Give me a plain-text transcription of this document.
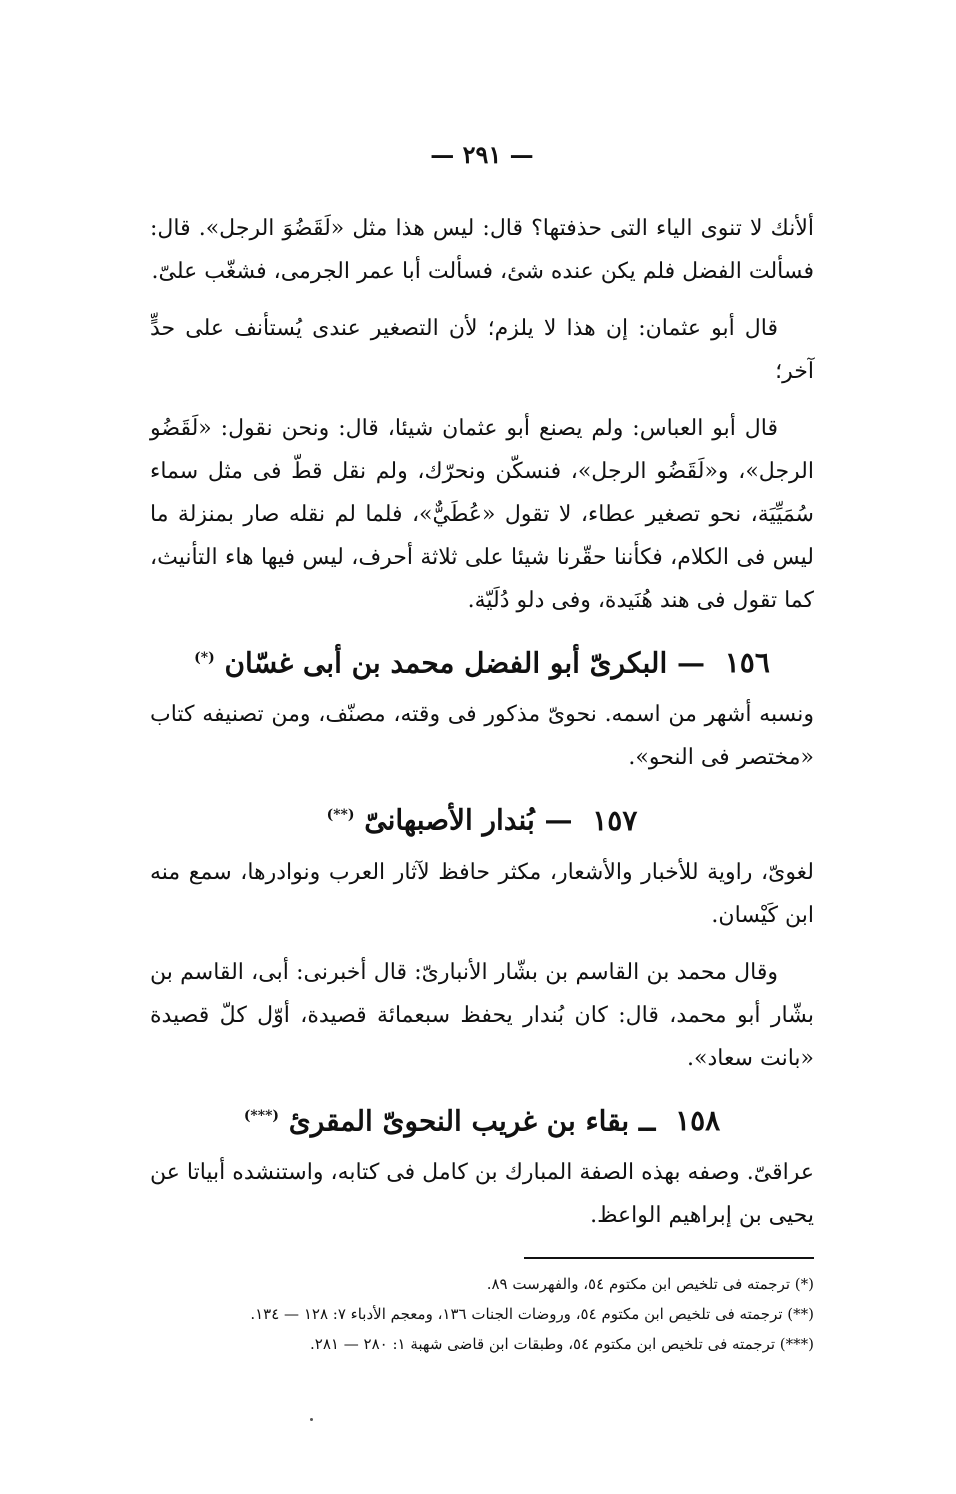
— ٢٩١ —

ألأنك لا تنوى الياء التى حذفتها؟ قال: ليس هذا مثل «لَقَضُوَ الرجل». قال: فسألت الفضل فلم يكن عنده شئ، فسألت أبا عمر الجرمى، فشغّب علىّ.

قال أبو عثمان: إن هذا لا يلزم؛ لأن التصغير عندى يُستأنف على حدٍّ آخر؛

قال أبو العباس: ولم يصنع أبو عثمان شيئا، قال: ونحن نقول: «لَقَضُو الرجل»، و«لَقَضُو الرجل»، فنسكّن ونحرّك، ولم نقل قطّ فى مثل سماء سُمَيِّيَة، نحو تصغير عطاء، لا تقول «عُطَيٌّ»، فلما لم نقله صار بمنزلة ما ليس فى الكلام، فكأننا حقّرنا شيئا على ثلاثة أحرف، ليس فيها هاء التأنيث، كما تقول فى هند هُنَيدة، وفى دلو دُلَيّة.

١٥٦ — البكرىّ أبو الفضل محمد بن أبى غسّان (*)

ونسبه أشهر من اسمه. نحوىّ مذكور فى وقته، مصنّف، ومن تصنيفه كتاب «مختصر فى النحو».

١٥٧ — بُندار الأصبهانىّ (**)

لغوىّ، راوية للأخبار والأشعار، مكثر حافظ لآثار العرب ونوادرها، سمع منه ابن كَيْسان.

وقال محمد بن القاسم بن بشّار الأنبارىّ: قال أخبرنى: أبى، القاسم بن بشّار أبو محمد، قال: كان بُندار يحفظ سبعمائة قصيدة، أوّل كلّ قصيدة «بانت سعاد».

١٥٨ ــ بقاء بن غريب النحوىّ المقرئ (***)

عراقىّ. وصفه بهذه الصفة المبارك بن كامل فى كتابه، واستنشده أبياتا عن يحيى بن إبراهيم الواعظ.

(*) ترجمته فى تلخيص ابن مكتوم ٥٤، والفهرست ٨٩.

(**) ترجمته فى تلخيص ابن مكتوم ٥٤، وروضات الجنات ١٣٦، ومعجم الأدباء ٧: ١٢٨ — ١٣٤.

(***) ترجمته فى تلخيص ابن مكتوم ٥٤، وطبقات ابن قاضى شهبة ١: ٢٨٠ — ٢٨١.
